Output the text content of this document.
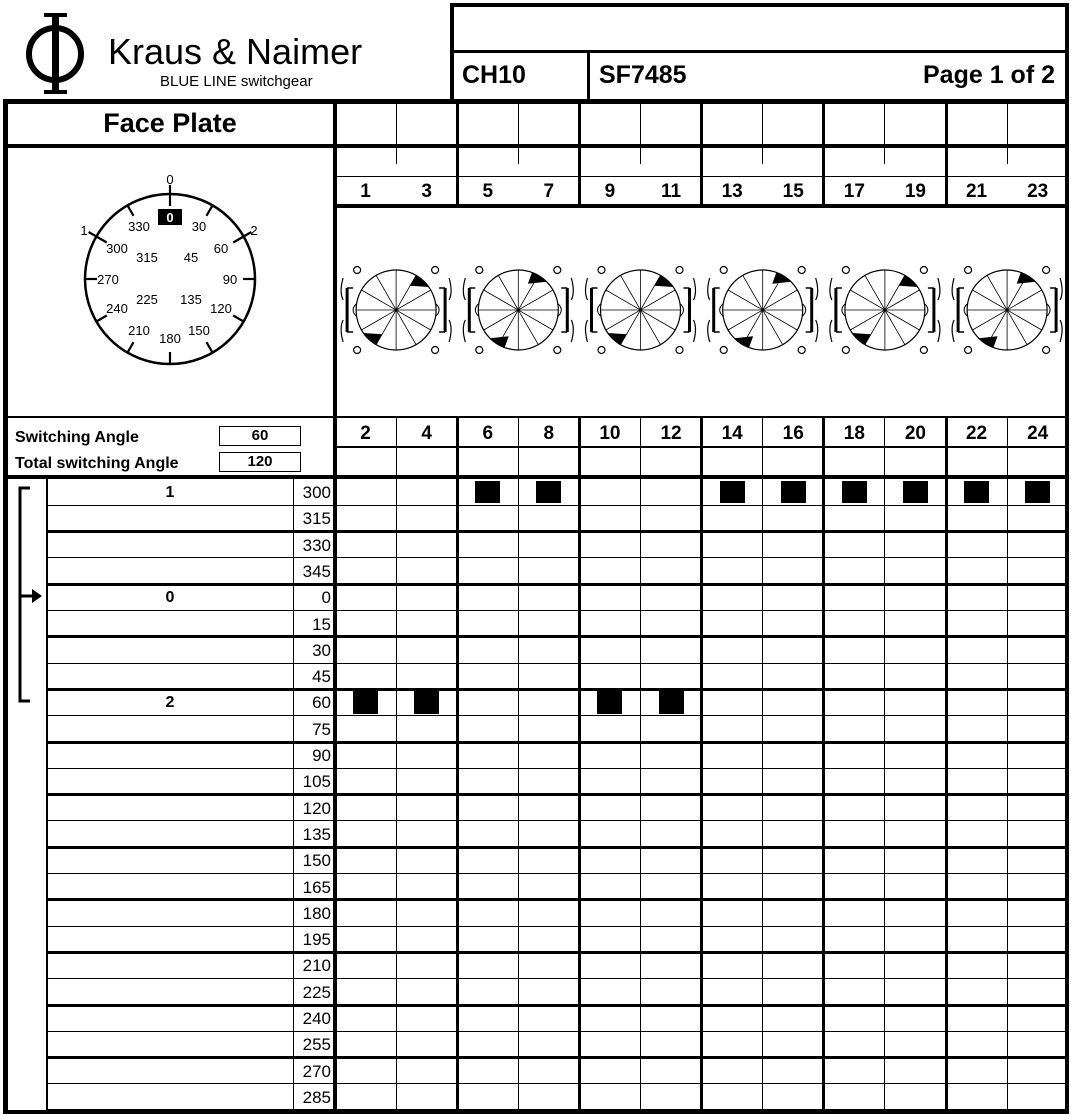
Kraus & Naimer
BLUE LINE switchgear	CH10	SF7485	Page 1 of 2
Face Plate
0
1	2
0
330	30
300
315 45
60
270	90
240
225 135
120
210
180
150
Switching Angle	60
Total switching Angle	120
1	3	5	7	9 11 13 15 17 19 21 23
2	4	6	8 10 12 14 16 18 20 22 24
1	300
315
330
345
0	0
15
30
45
2	60
75
90
105
120
135
150
165
180
195
210
225
240
255
270
285
